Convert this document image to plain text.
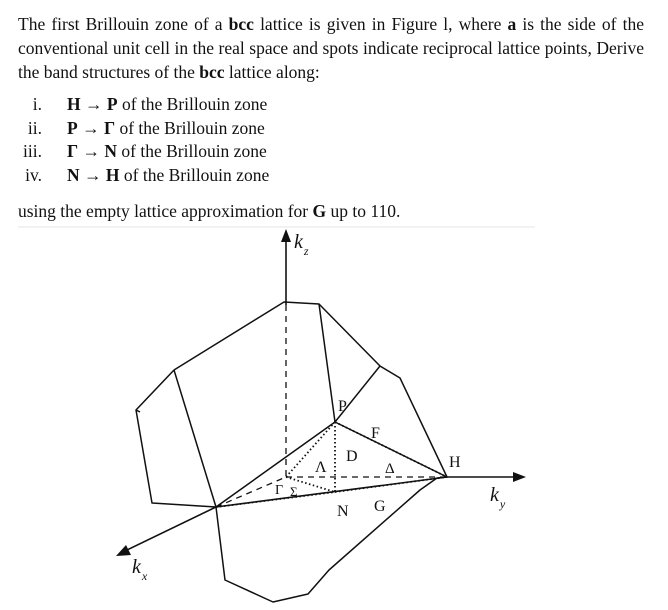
The first Brillouin zone of a bcc lattice is given in Figure l, where a is the side of the conventional unit cell in the real space and spots indicate reciprocal lattice points, Derive the band structures of the bcc lattice along:
i. H → P of the Brillouin zone
ii. P → Γ of the Brillouin zone
iii. Γ → N of the Brillouin zone
iv. N → H of the Brillouin zone
using the empty lattice approximation for G up to 110.
$k_z$
$k_y$
$k_x$
P
F
H
D
Λ	Δ
Γ Σ
N G
